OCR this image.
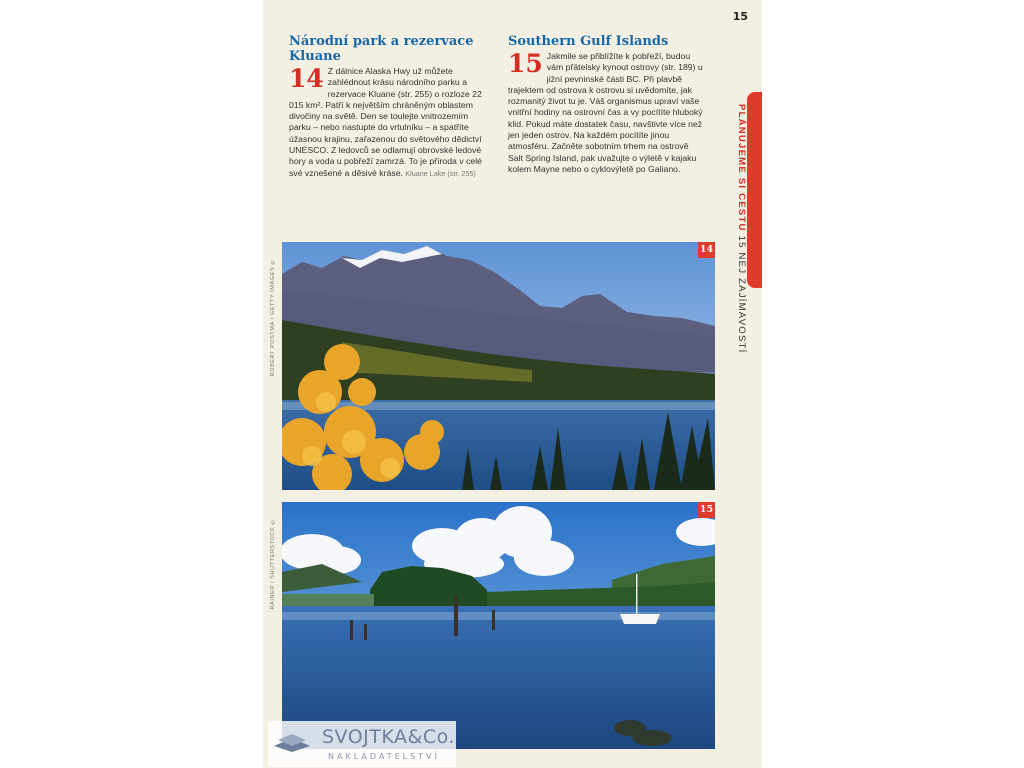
15
PLÁNUJEME SI CESTU 15 NEJ ZAJÍMAVOSTÍ
Národní park a rezervace Kluane

14 Z dálnice Alaska Hwy už můžete zahlédnout krásu národního parku a rezervace Kluane (str. 255) o rozloze 22 015 km². Patří k největším chráněným oblastem divočiny na světě. Den se toulejte vnitrozemím parku – nebo nastupte do vrtulníku – a spatříte úžasnou krajinu, zařazenou do světového dědictví UNESCO. Z ledovců se odlamují obrovské ledové hory a voda u pobřeží zamrzá. To je příroda v celé své vznešené a děsivé kráse. Kluane Lake (str. 255)

Southern Gulf Islands

15 Jakmile se přiblížíte k pobřeží, budou vám přátelsky kynout ostrovy (str. 189) u jižní pevninské části BC. Při plavbě trajektem od ostrova k ostrovu si uvědomíte, jak rozmanitý život tu je. Váš organismus upraví vaše vnitřní hodiny na ostrovní čas a vy pocítíte hluboký klid. Pokud máte dostatek času, navštivte více než jen jeden ostrov. Na každém pocítíte jinou atmosféru. Začněte sobotním trhem na ostrově Salt Spring Island, pak uvažujte o výletě v kajaku kolem Mayne nebo o cyklovýletě po Galiano.

ROBERT POSTMA / GETTY IMAGES ©
14
RAINER / SHUTTERSTOCK ©
15
SVOJTKA&Co.
NAKLADATELSTVÍ
